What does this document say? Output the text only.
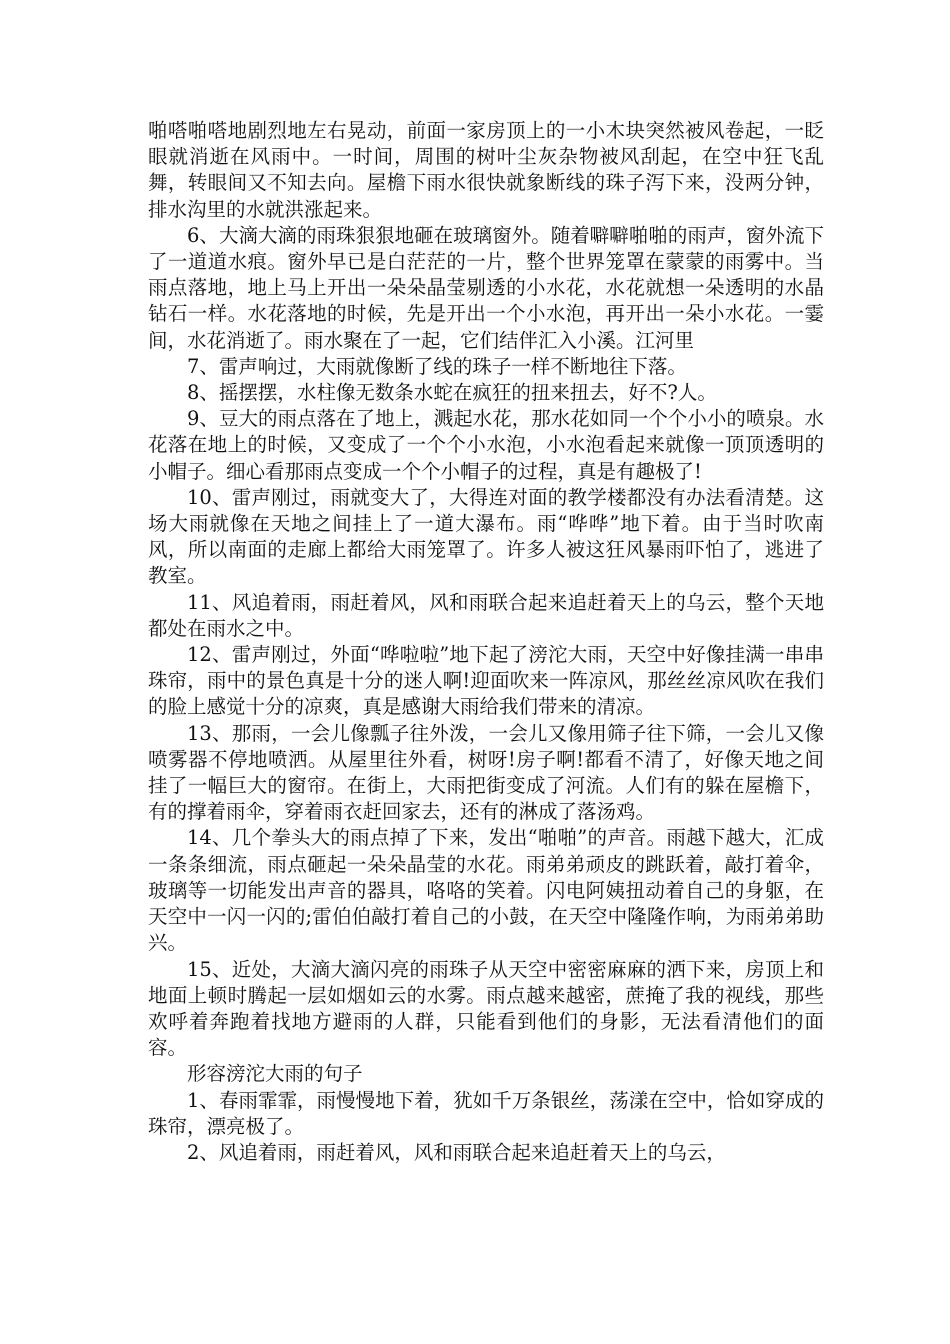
啪嗒啪嗒地剧烈地左右晃动，前面一家房顶上的一小木块突然被风卷起，一眨眼就消逝在风雨中。一时间，周围的树叶尘灰杂物被风刮起，在空中狂飞乱舞，转眼间又不知去向。屋檐下雨水很快就象断线的珠子泻下来，没两分钟，排水沟里的水就洪涨起来。

6、大滴大滴的雨珠狠狠地砸在玻璃窗外。随着噼噼啪啪的雨声，窗外流下了一道道水痕。窗外早已是白茫茫的一片，整个世界笼罩在蒙蒙的雨雾中。当雨点落地，地上马上开出一朵朵晶莹剔透的小水花，水花就想一朵透明的水晶钻石一样。水花落地的时候，先是开出一个小水泡，再开出一朵小水花。一霎间，水花消逝了。雨水聚在了一起，它们结伴汇入小溪。江河里

7、雷声响过，大雨就像断了线的珠子一样不断地往下落。

8、摇摆摆，水柱像无数条水蛇在疯狂的扭来扭去，好不?人。

9、豆大的雨点落在了地上，溅起水花，那水花如同一个个小小的喷泉。水花落在地上的时候，又变成了一个个小水泡，小水泡看起来就像一顶顶透明的小帽子。细心看那雨点变成一个个小帽子的过程，真是有趣极了!

10、雷声刚过，雨就变大了，大得连对面的教学楼都没有办法看清楚。这场大雨就像在天地之间挂上了一道大瀑布。雨“哗哗”地下着。由于当时吹南风，所以南面的走廊上都给大雨笼罩了。许多人被这狂风暴雨吓怕了，逃进了教室。

11、风追着雨，雨赶着风，风和雨联合起来追赶着天上的乌云，整个天地都处在雨水之中。

12、雷声刚过，外面“哗啦啦”地下起了滂沱大雨，天空中好像挂满一串串珠帘，雨中的景色真是十分的迷人啊!迎面吹来一阵凉风，那丝丝凉风吹在我们的脸上感觉十分的凉爽，真是感谢大雨给我们带来的清凉。

13、那雨，一会儿像瓢子往外泼，一会儿又像用筛子往下筛，一会儿又像喷雾器不停地喷洒。从屋里往外看，树呀!房子啊!都看不清了，好像天地之间挂了一幅巨大的窗帘。在街上，大雨把街变成了河流。人们有的躲在屋檐下，有的撑着雨伞，穿着雨衣赶回家去，还有的淋成了落汤鸡。

14、几个拳头大的雨点掉了下来，发出“啪啪”的声音。雨越下越大，汇成一条条细流，雨点砸起一朵朵晶莹的水花。雨弟弟顽皮的跳跃着，敲打着伞，玻璃等一切能发出声音的器具，咯咯的笑着。闪电阿姨扭动着自己的身躯，在天空中一闪一闪的;雷伯伯敲打着自己的小鼓，在天空中隆隆作响，为雨弟弟助兴。

15、近处，大滴大滴闪亮的雨珠子从天空中密密麻麻的洒下来，房顶上和地面上顿时腾起一层如烟如云的水雾。雨点越来越密，蔗掩了我的视线，那些欢呼着奔跑着找地方避雨的人群，只能看到他们的身影，无法看清他们的面容。

形容滂沱大雨的句子

1、春雨霏霏，雨慢慢地下着，犹如千万条银丝，荡漾在空中，恰如穿成的珠帘，漂亮极了。

2、风追着雨，雨赶着风，风和雨联合起来追赶着天上的乌云，
